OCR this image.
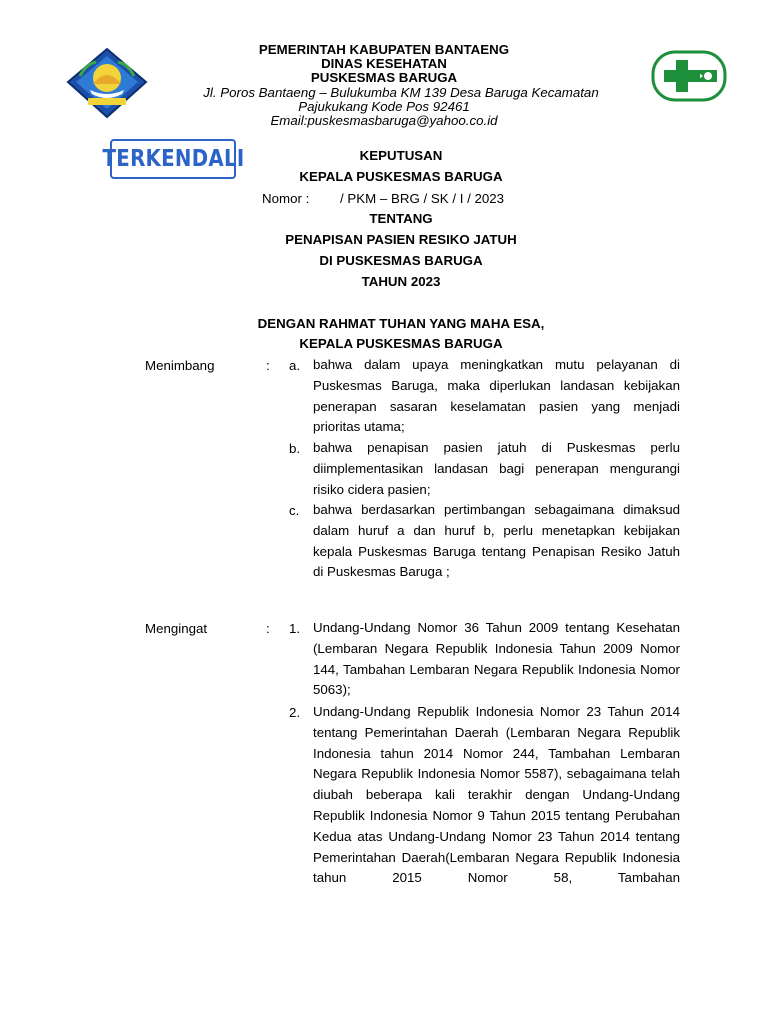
PEMERINTAH KABUPATEN BANTAENG
DINAS KESEHATAN
PUSKESMAS BARUGA
Jl. Poros Bantaeng – Bulukumba KM 139 Desa Baruga Kecamatan
Pajukukang Kode Pos 92461
Email:puskesmasbaruga@yahoo.co.id
TERKENDALI	KEPUTUSAN
KEPALA PUSKESMAS BARUGA
Nomor : / PKM – BRG / SK / I / 2023
TENTANG
PENAPISAN PASIEN RESIKO JATUH
DI PUSKESMAS BARUGA
TAHUN 2023
DENGAN RAHMAT TUHAN YANG MAHA ESA,
KEPALA PUSKESMAS BARUGA
Menimbang	: a. bahwa dalam upaya meningkatkan mutu pelayanan di Puskesmas Baruga, maka diperlukan landasan kebijakan penerapan sasaran keselamatan pasien yang menjadi prioritas utama;

b. bahwa penapisan pasien jatuh di Puskesmas perlu diimplementasikan landasan bagi penerapan mengurangi risiko cidera pasien;

c. bahwa berdasarkan pertimbangan sebagaimana dimaksud dalam huruf a dan huruf b, perlu menetapkan kebijakan kepala Puskesmas Baruga tentang Penapisan Resiko Jatuh di Puskesmas Baruga ;

Mengingat	: 1. Undang-Undang Nomor 36 Tahun 2009 tentang Kesehatan (Lembaran Negara Republik Indonesia Tahun 2009 Nomor 144, Tambahan Lembaran Negara Republik Indonesia Nomor 5063);

2. Undang-Undang Republik Indonesia Nomor 23 Tahun 2014 tentang Pemerintahan Daerah (Lembaran Negara Republik Indonesia tahun 2014 Nomor 244, Tambahan Lembaran Negara Republik Indonesia Nomor 5587), sebagaimana telah diubah beberapa kali terakhir dengan Undang-Undang Republik Indonesia Nomor 9 Tahun 2015 tentang Perubahan Kedua atas Undang-Undang Nomor 23 Tahun 2014 tentang Pemerintahan Daerah(Lembaran Negara Republik Indonesia tahun 2015 Nomor 58, Tambahan
